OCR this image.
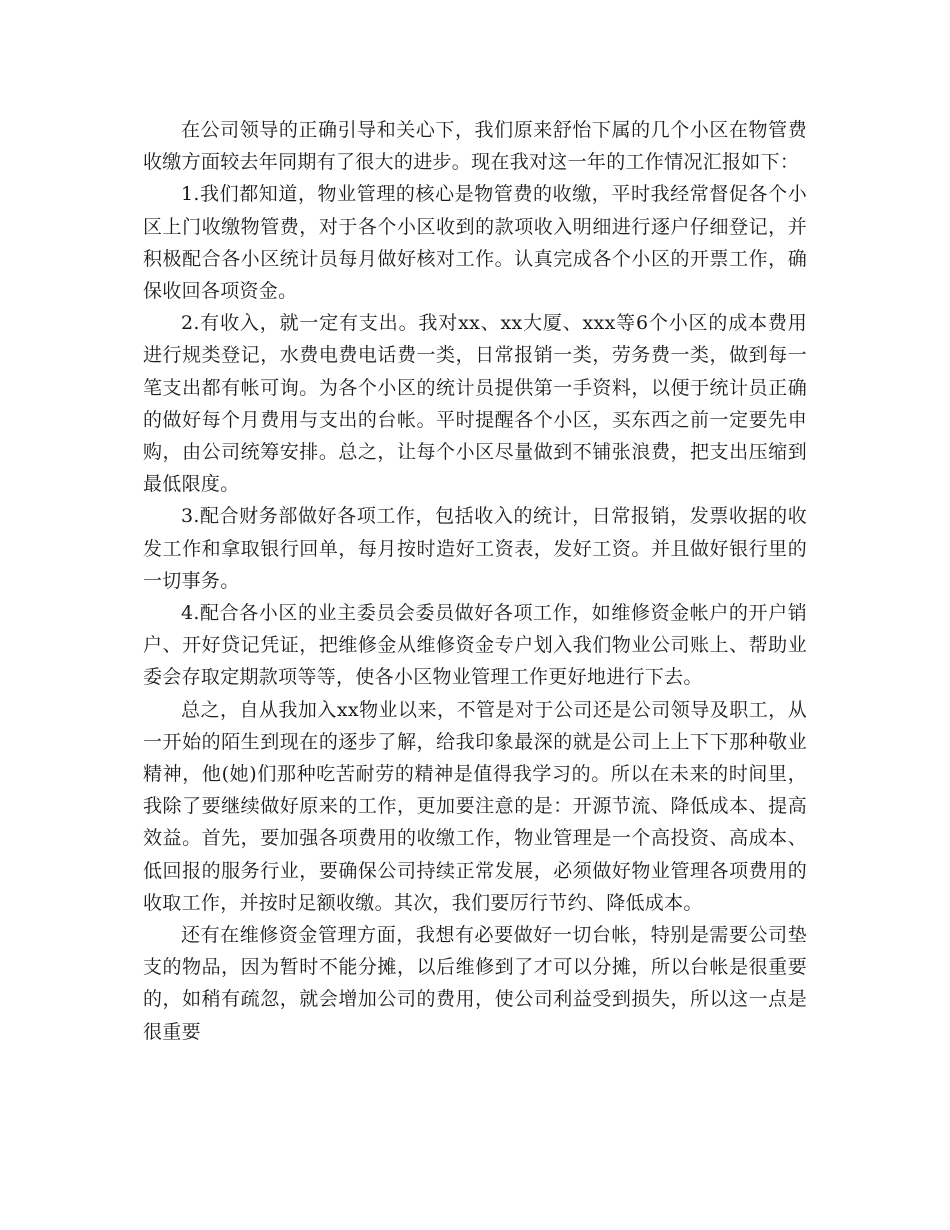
在公司领导的正确引导和关心下，我们原来舒怡下属的几个小区在物管费收缴方面较去年同期有了很大的进步。现在我对这一年的工作情况汇报如下：

1.我们都知道，物业管理的核心是物管费的收缴，平时我经常督促各个小区上门收缴物管费，对于各个小区收到的款项收入明细进行逐户仔细登记，并积极配合各小区统计员每月做好核对工作。认真完成各个小区的开票工作，确保收回各项资金。

2.有收入，就一定有支出。我对xx、xx大厦、xxx等6个小区的成本费用进行规类登记，水费电费电话费一类，日常报销一类，劳务费一类，做到每一笔支出都有帐可询。为各个小区的统计员提供第一手资料，以便于统计员正确的做好每个月费用与支出的台帐。平时提醒各个小区，买东西之前一定要先申购，由公司统筹安排。总之，让每个小区尽量做到不铺张浪费，把支出压缩到最低限度。

3.配合财务部做好各项工作，包括收入的统计，日常报销，发票收据的收发工作和拿取银行回单，每月按时造好工资表，发好工资。并且做好银行里的一切事务。

4.配合各小区的业主委员会委员做好各项工作，如维修资金帐户的开户销户、开好贷记凭证，把维修金从维修资金专户划入我们物业公司账上、帮助业委会存取定期款项等等，使各小区物业管理工作更好地进行下去。

总之，自从我加入xx物业以来，不管是对于公司还是公司领导及职工，从一开始的陌生到现在的逐步了解，给我印象最深的就是公司上上下下那种敬业精神，他(她)们那种吃苦耐劳的精神是值得我学习的。所以在未来的时间里，我除了要继续做好原来的工作，更加要注意的是：开源节流、降低成本、提高效益。首先，要加强各项费用的收缴工作，物业管理是一个高投资、高成本、低回报的服务行业，要确保公司持续正常发展，必须做好物业管理各项费用的收取工作，并按时足额收缴。其次，我们要厉行节约、降低成本。

还有在维修资金管理方面，我想有必要做好一切台帐，特别是需要公司垫支的物品，因为暂时不能分摊，以后维修到了才可以分摊，所以台帐是很重要的，如稍有疏忽，就会增加公司的费用，使公司利益受到损失，所以这一点是很重要
